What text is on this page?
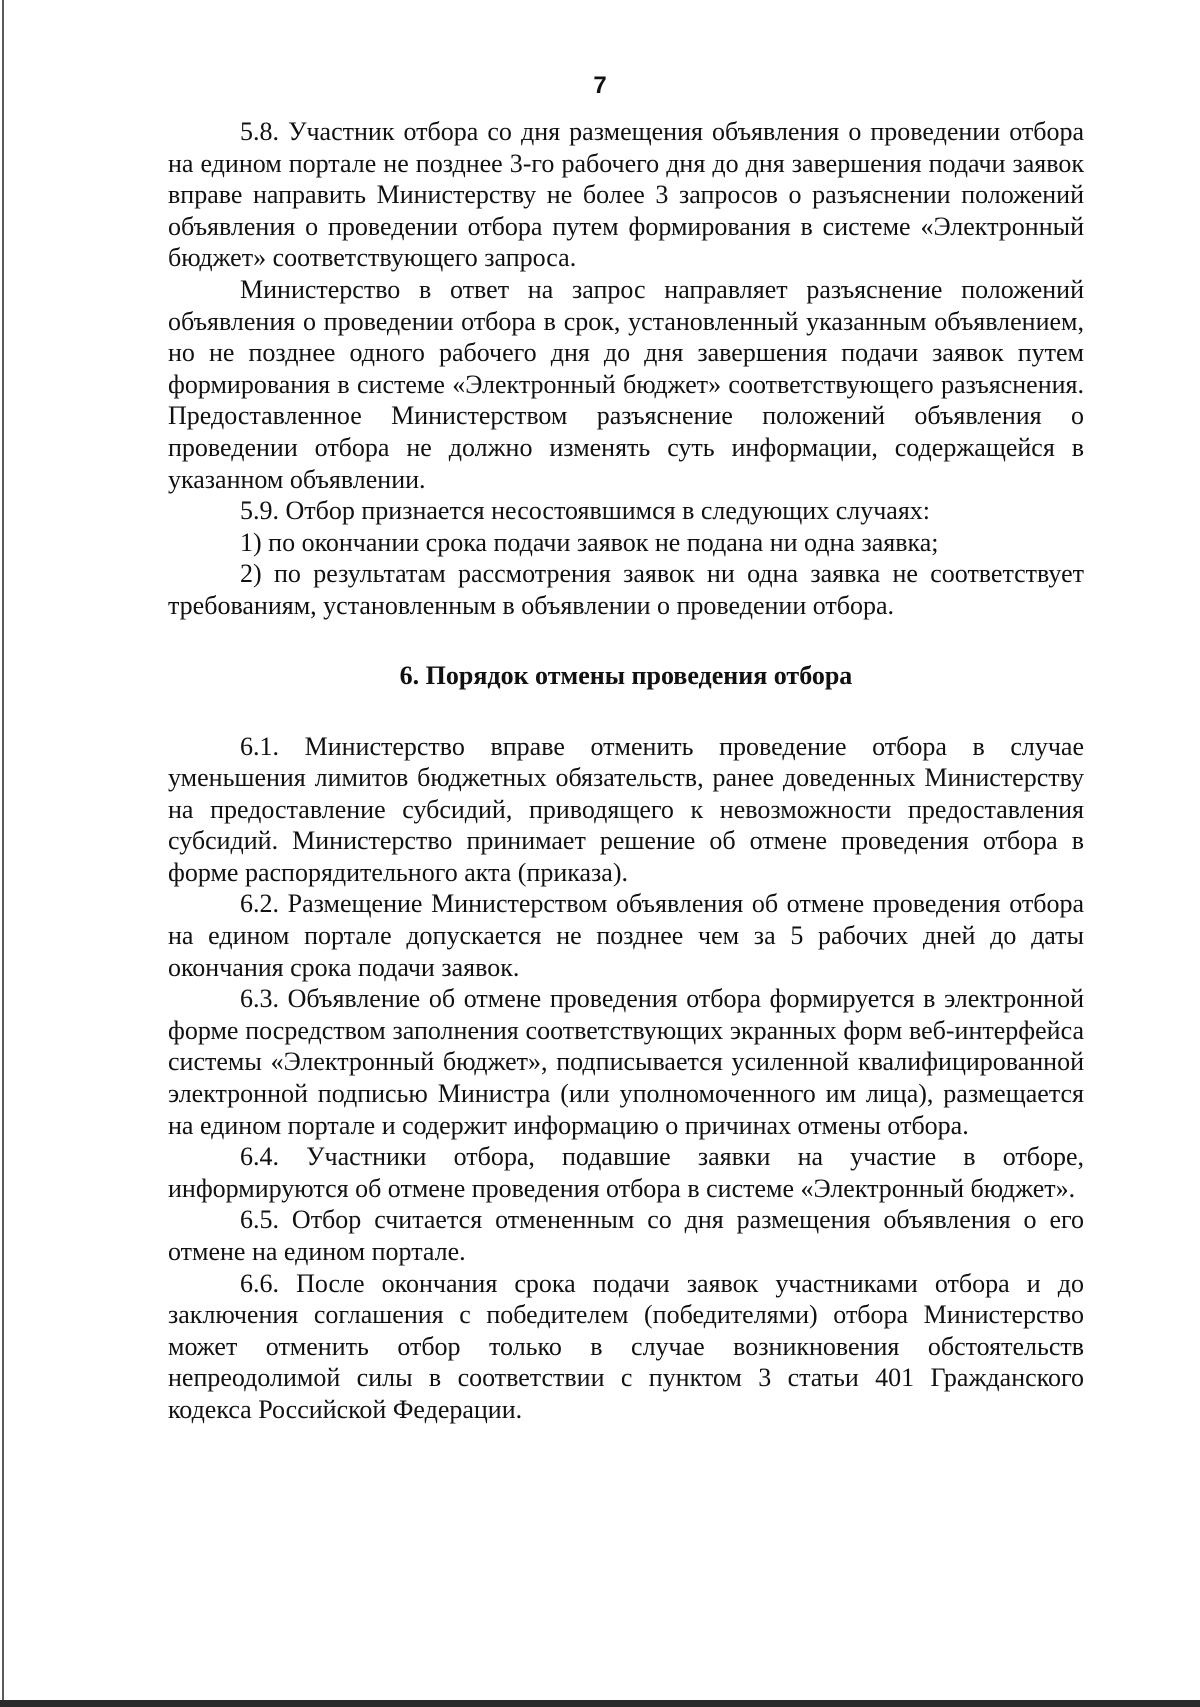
7

5.8. Участник отбора со дня размещения объявления о проведении отбора на едином портале не позднее 3-го рабочего дня до дня завершения подачи заявок вправе направить Министерству не более 3 запросов о разъяснении положений объявления о проведении отбора путем формирования в системе «Электронный бюджет» соответствующего запроса.

Министерство в ответ на запрос направляет разъяснение положений объявления о проведении отбора в срок, установленный указанным объявлением, но не позднее одного рабочего дня до дня завершения подачи заявок путем формирования в системе «Электронный бюджет» соответствующего разъяснения. Предоставленное Министерством разъяснение положений объявления о проведении отбора не должно изменять суть информации, содержащейся в указанном объявлении.

5.9. Отбор признается несостоявшимся в следующих случаях:

1) по окончании срока подачи заявок не подана ни одна заявка;

2) по результатам рассмотрения заявок ни одна заявка не соответствует требованиям, установленным в объявлении о проведении отбора.

6. Порядок отмены проведения отбора

6.1. Министерство вправе отменить проведение отбора в случае уменьшения лимитов бюджетных обязательств, ранее доведенных Министерству на предоставление субсидий, приводящего к невозможности предоставления субсидий. Министерство принимает решение об отмене проведения отбора в форме распорядительного акта (приказа).

6.2. Размещение Министерством объявления об отмене проведения отбора на едином портале допускается не позднее чем за 5 рабочих дней до даты окончания срока подачи заявок.

6.3. Объявление об отмене проведения отбора формируется в электронной форме посредством заполнения соответствующих экранных форм веб-интерфейса системы «Электронный бюджет», подписывается усиленной квалифицированной электронной подписью Министра (или уполномоченного им лица), размещается на едином портале и содержит информацию о причинах отмены отбора.

6.4. Участники отбора, подавшие заявки на участие в отборе, информируются об отмене проведения отбора в системе «Электронный бюджет».

6.5. Отбор считается отмененным со дня размещения объявления о его отмене на едином портале.

6.6. После окончания срока подачи заявок участниками отбора и до заключения соглашения с победителем (победителями) отбора Министерство может отменить отбор только в случае возникновения обстоятельств непреодолимой силы в соответствии с пунктом 3 статьи 401 Гражданского кодекса Российской Федерации.
